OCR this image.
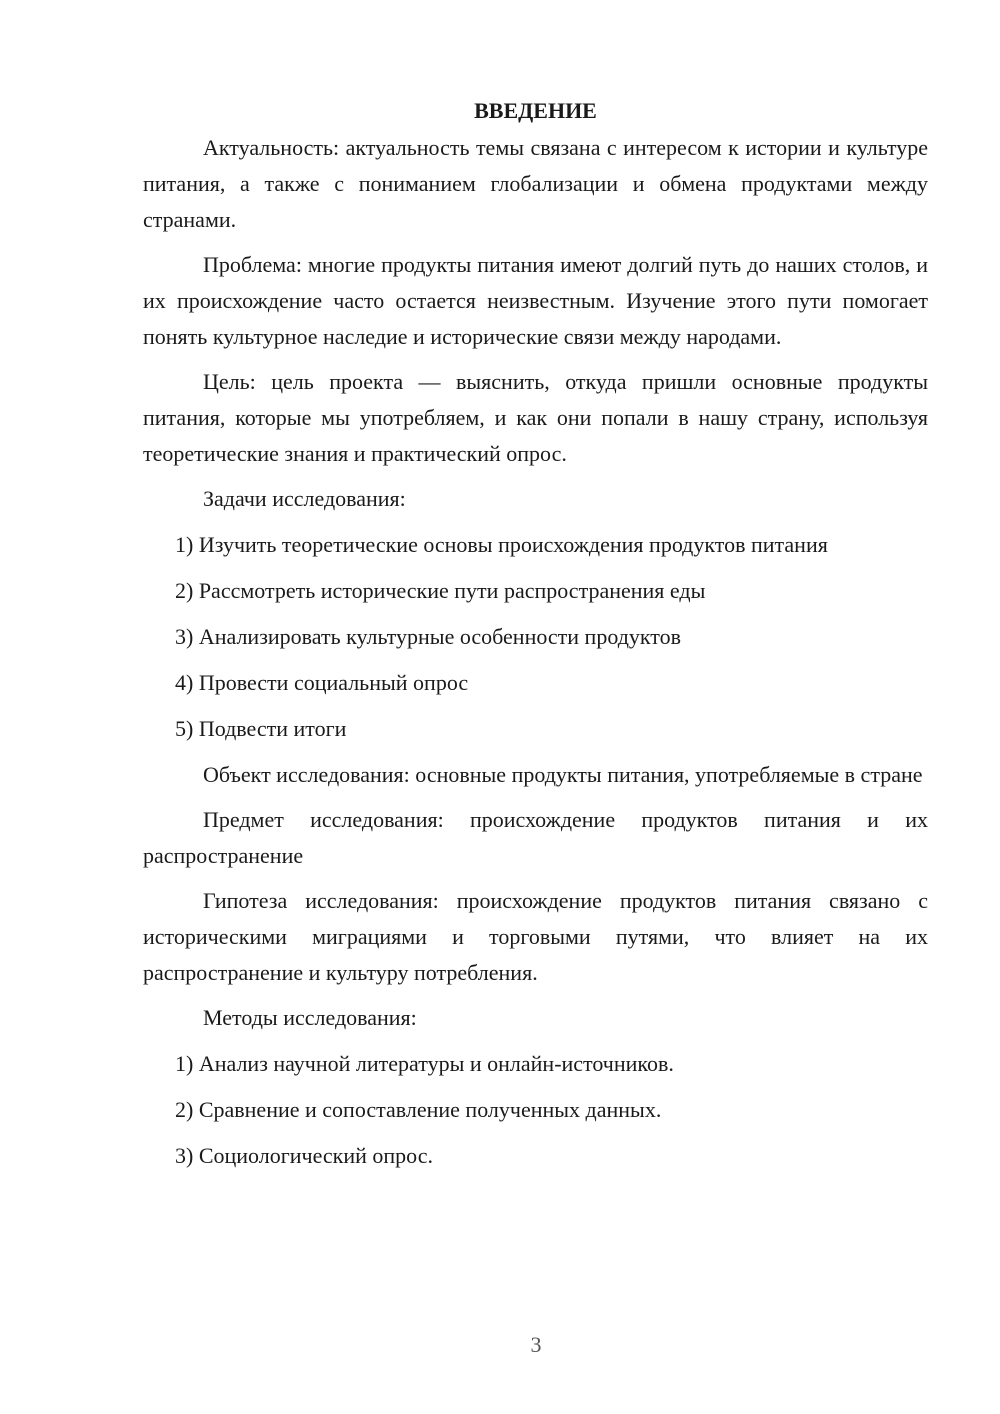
ВВЕДЕНИЕ

Актуальность: актуальность темы связана с интересом к истории и культуре питания, а также с пониманием глобализации и обмена продуктами между странами.

Проблема: многие продукты питания имеют долгий путь до наших столов, и их происхождение часто остается неизвестным. Изучение этого пути помогает понять культурное наследие и исторические связи между народами.

Цель: цель проекта — выяснить, откуда пришли основные продукты питания, которые мы употребляем, и как они попали в нашу страну, используя теоретические знания и практический опрос.

Задачи исследования:
1) Изучить теоретические основы происхождения продуктов питания
2) Рассмотреть исторические пути распространения еды
3) Анализировать культурные особенности продуктов
4) Провести социальный опрос
5) Подвести итоги

Объект исследования: основные продукты питания, употребляемые в стране

Предмет исследования: происхождение продуктов питания и их распространение

Гипотеза исследования: происхождение продуктов питания связано с историческими миграциями и торговыми путями, что влияет на их распространение и культуру потребления.

Методы исследования:
1) Анализ научной литературы и онлайн-источников.
2) Сравнение и сопоставление полученных данных.
3) Социологический опрос.
3
